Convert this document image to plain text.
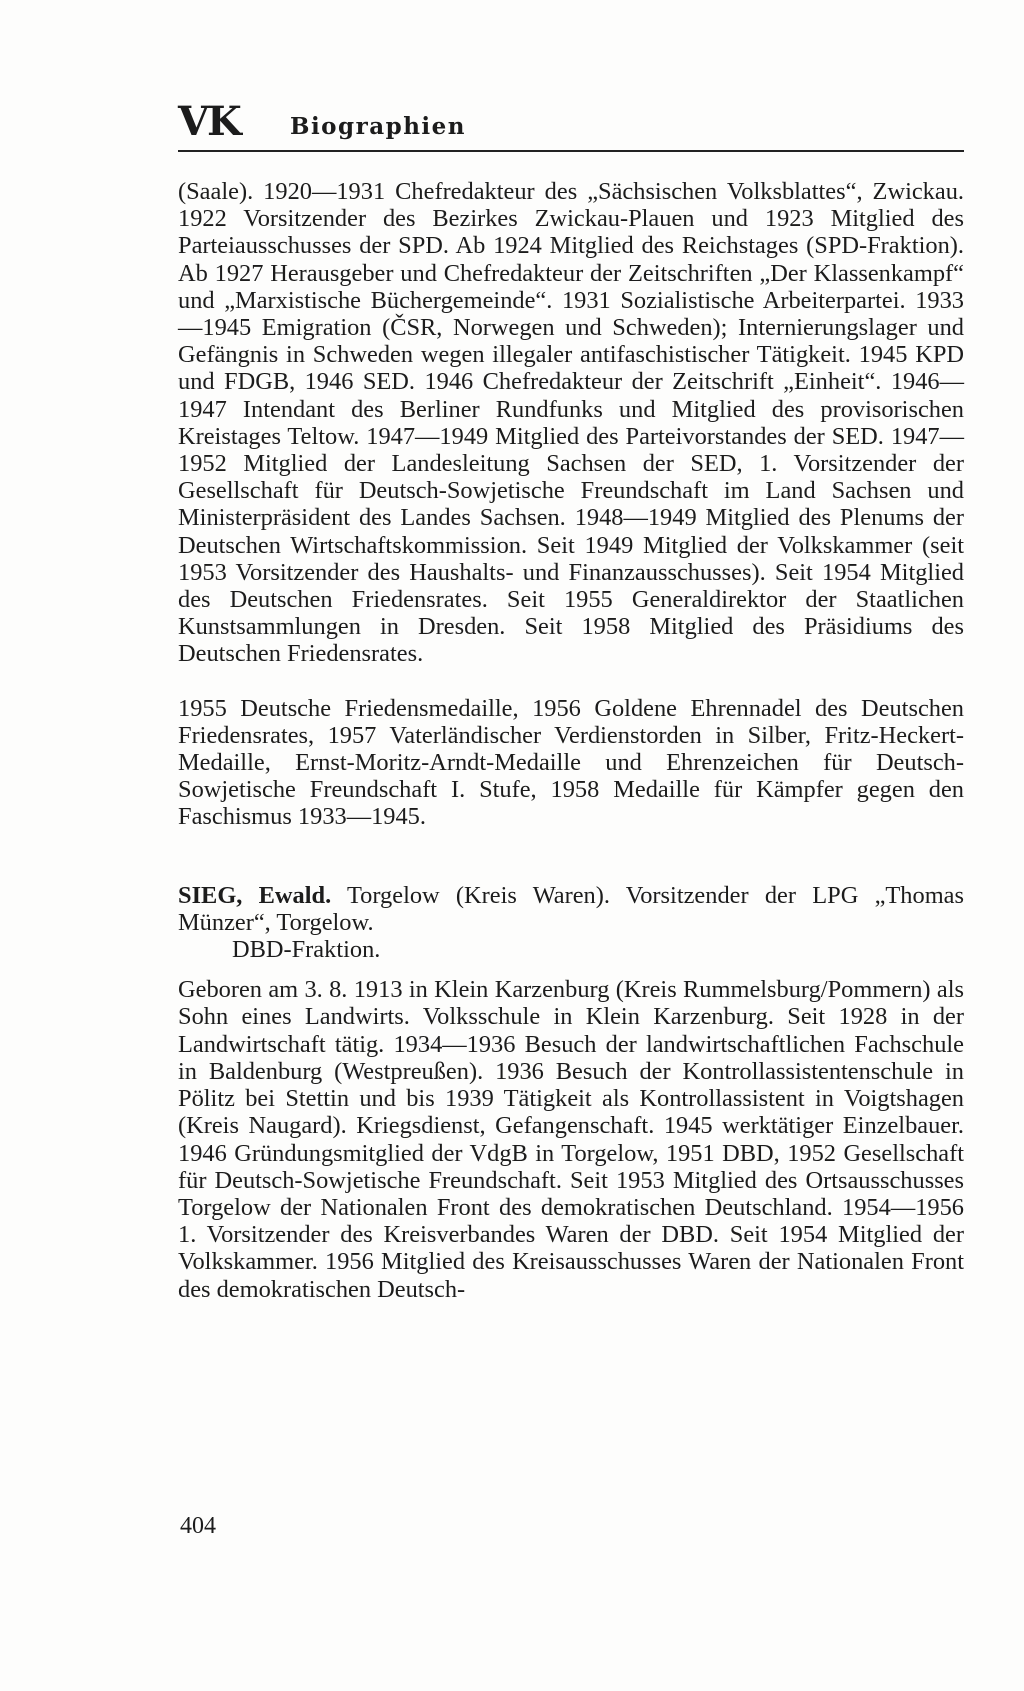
VK Biographien

(Saale). 1920—1931 Chefredakteur des „Sächsischen Volksblattes“, Zwickau. 1922 Vorsitzender des Bezirkes Zwickau-Plauen und 1923 Mitglied des Parteiausschusses der SPD. Ab 1924 Mitglied des Reichstages (SPD-Fraktion). Ab 1927 Herausgeber und Chefredakteur der Zeitschriften „Der Klassenkampf“ und „Marxistische Büchergemeinde“. 1931 Sozialistische Arbeiterpartei. 1933—1945 Emigration (ČSR, Norwegen und Schweden); Internierungslager und Gefängnis in Schweden wegen illegaler antifaschistischer Tätigkeit. 1945 KPD und FDGB, 1946 SED. 1946 Chefredakteur der Zeitschrift „Einheit“. 1946—1947 Intendant des Berliner Rundfunks und Mitglied des provisorischen Kreistages Teltow. 1947—1949 Mitglied des Parteivorstandes der SED. 1947—1952 Mitglied der Landesleitung Sachsen der SED, 1. Vorsitzender der Gesellschaft für Deutsch-Sowjetische Freundschaft im Land Sachsen und Ministerpräsident des Landes Sachsen. 1948—1949 Mitglied des Plenums der Deutschen Wirtschaftskommission. Seit 1949 Mitglied der Volkskammer (seit 1953 Vorsitzender des Haushalts- und Finanzausschusses). Seit 1954 Mitglied des Deutschen Friedensrates. Seit 1955 Generaldirektor der Staatlichen Kunstsammlungen in Dresden. Seit 1958 Mitglied des Präsidiums des Deutschen Friedensrates.

1955 Deutsche Friedensmedaille, 1956 Goldene Ehrennadel des Deutschen Friedensrates, 1957 Vaterländischer Verdienstorden in Silber, Fritz-Heckert-Medaille, Ernst-Moritz-Arndt-Medaille und Ehrenzeichen für Deutsch-Sowjetische Freundschaft I. Stufe, 1958 Medaille für Kämpfer gegen den Faschismus 1933—1945.

SIEG, Ewald. Torgelow (Kreis Waren). Vorsitzender der LPG „Thomas Münzer“, Torgelow.

DBD-Fraktion.

Geboren am 3. 8. 1913 in Klein Karzenburg (Kreis Rummelsburg/Pommern) als Sohn eines Landwirts. Volksschule in Klein Karzenburg. Seit 1928 in der Landwirtschaft tätig. 1934—1936 Besuch der landwirtschaftlichen Fachschule in Baldenburg (Westpreußen). 1936 Besuch der Kontrollassistentenschule in Pölitz bei Stettin und bis 1939 Tätigkeit als Kontrollassistent in Voigtshagen (Kreis Naugard). Kriegsdienst, Gefangenschaft. 1945 werktätiger Einzelbauer. 1946 Gründungsmitglied der VdgB in Torgelow, 1951 DBD, 1952 Gesellschaft für Deutsch-Sowjetische Freundschaft. Seit 1953 Mitglied des Ortsausschusses Torgelow der Nationalen Front des demokratischen Deutschland. 1954—1956 1. Vorsitzender des Kreisverbandes Waren der DBD. Seit 1954 Mitglied der Volkskammer. 1956 Mitglied des Kreisausschusses Waren der Nationalen Front des demokratischen Deutsch-

404
